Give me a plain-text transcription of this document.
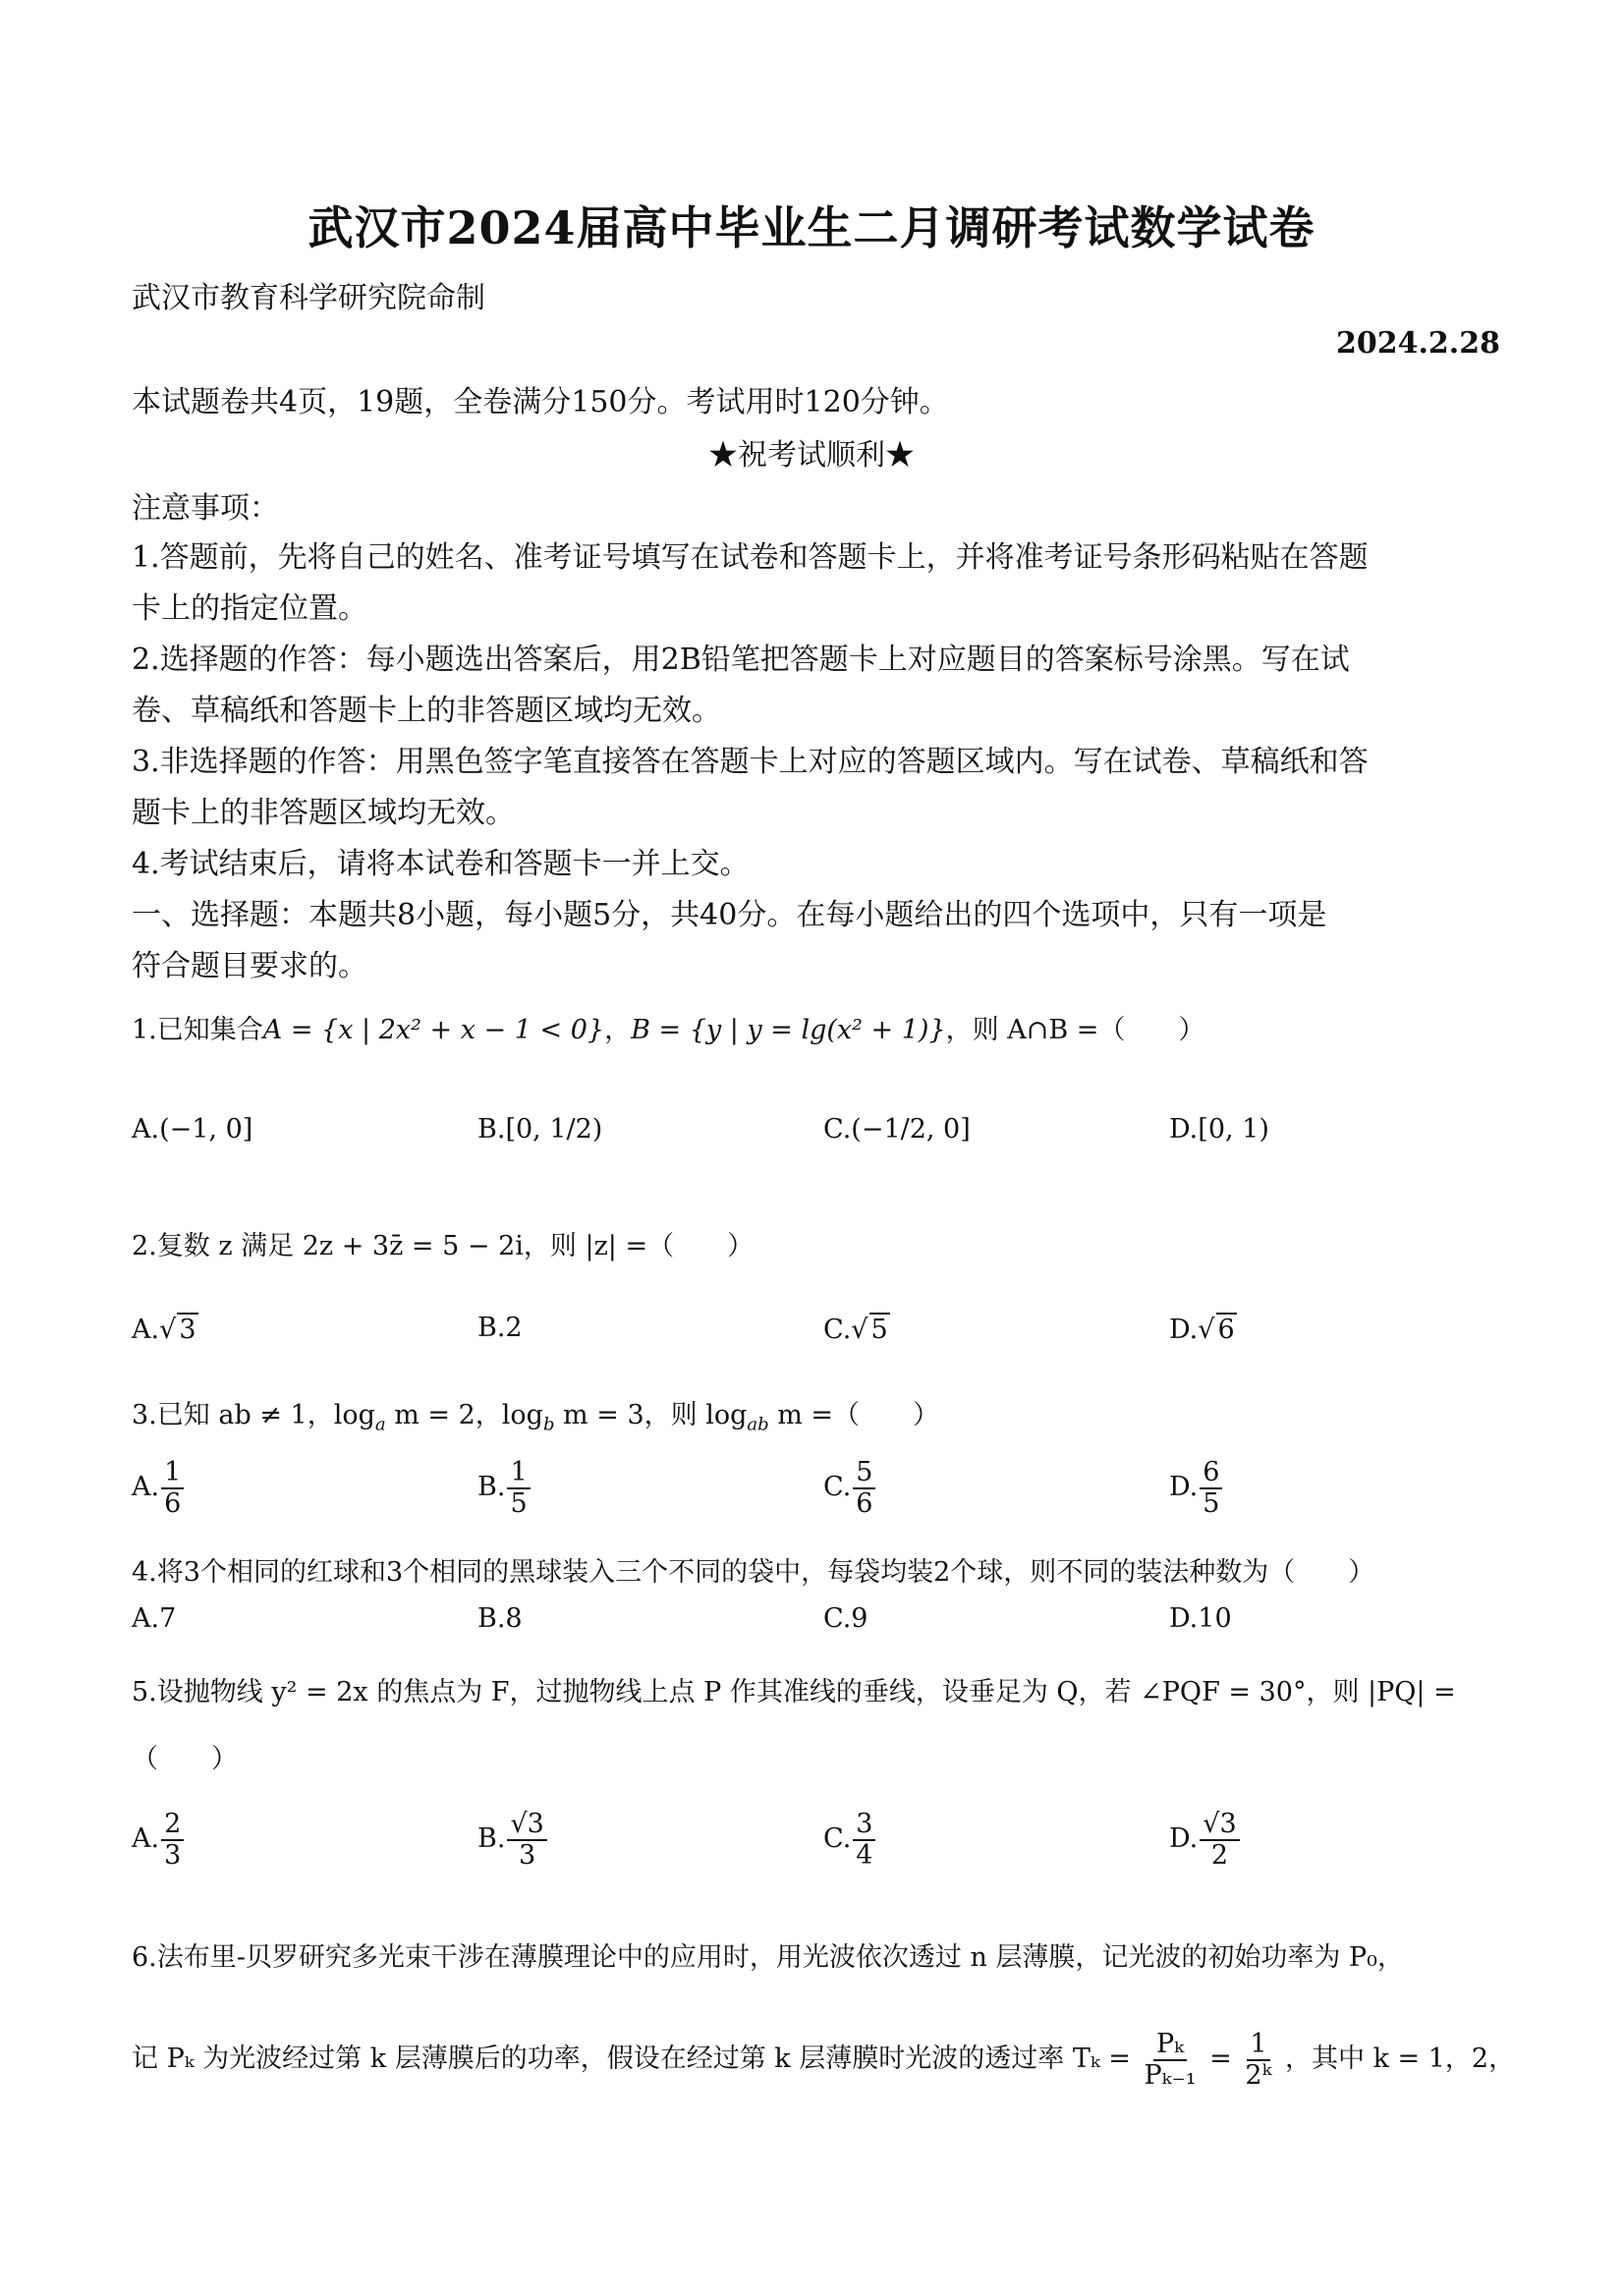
武汉市2024届高中毕业生二月调研考试数学试卷
武汉市教育科学研究院命制
2024.2.28
本试题卷共4页，19题，全卷满分150分。考试用时120分钟。
★祝考试顺利★
注意事项：
1.答题前，先将自己的姓名、准考证号填写在试卷和答题卡上，并将准考证号条形码粘贴在答题
卡上的指定位置。
2.选择题的作答：每小题选出答案后，用2B铅笔把答题卡上对应题目的答案标号涂黑。写在试
卷、草稿纸和答题卡上的非答题区域均无效。
3.非选择题的作答：用黑色签字笔直接答在答题卡上对应的答题区域内。写在试卷、草稿纸和答
题卡上的非答题区域均无效。
4.考试结束后，请将本试卷和答题卡一并上交。
一、选择题：本题共8小题，每小题5分，共40分。在每小题给出的四个选项中，只有一项是
符合题目要求的。
1.已知集合A = {x | 2x² + x − 1 < 0}，B = {y | y = lg(x² + 1)}，则 A∩B =（　　）
A.(−1, 0]	B.[0, 1/2)	C.(−1/2, 0]	D.[0, 1)
2.复数 z 满足 2z + 3z̄ = 5 − 2i，则 |z| =（　　）
A.√ 3	B.2	C.√ 5	D.√ 6
3.已知 ab ≠ 1，$\log_a m = 2$，$\log_b m = 3$，则 $\log_{ab} m$ =（　　）
A. $\frac{1}{6}$	B. $\frac{1}{5}$	C. $\frac{5}{6}$	D. $\frac{6}{5}$
4.将3个相同的红球和3个相同的黑球装入三个不同的袋中，每袋均装2个球，则不同的装法种数为（　　）
A.7	B.8	C.9	D.10
5.设抛物线 y² = 2x 的焦点为 F，过抛物线上点 P 作其准线的垂线，设垂足为 Q，若 ∠PQF = 30°，则 |PQ| =
（　　）
A. $\frac{2}{3}$	B. $\frac{√3}{3}$	C. $\frac{3}{4}$	D. $\frac{√3}{2}$
6.法布里-贝罗研究多光束干涉在薄膜理论中的应用时，用光波依次透过 n 层薄膜，记光波的初始功率为 P₀，
记 Pₖ 为光波经过第 k 层薄膜后的功率，假设在经过第 k 层薄膜时光波的透过率 $T_k = \frac{\text{Pₖ}}{\text{Pₖ₋₁}} = \frac{1}{\text{2ᵏ}}$ ，其中 k = 1，2，
